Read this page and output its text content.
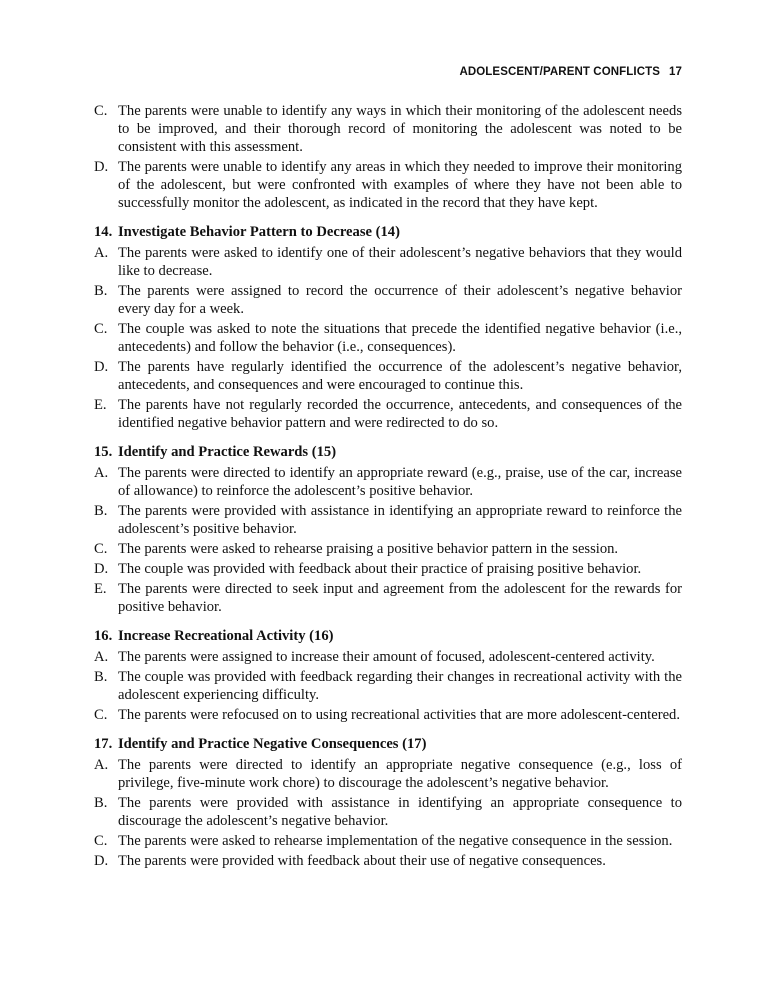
ADOLESCENT/PARENT CONFLICTS 17
C. The parents were unable to identify any ways in which their monitoring of the adolescent needs to be improved, and their thorough record of monitoring the adolescent was noted to be consistent with this assessment.
D. The parents were unable to identify any areas in which they needed to improve their monitoring of the adolescent, but were confronted with examples of where they have not been able to successfully monitor the adolescent, as indicated in the record that they have kept.
14. Investigate Behavior Pattern to Decrease (14)
A. The parents were asked to identify one of their adolescent’s negative behaviors that they would like to decrease.
B. The parents were assigned to record the occurrence of their adolescent’s negative behavior every day for a week.
C. The couple was asked to note the situations that precede the identified negative behavior (i.e., antecedents) and follow the behavior (i.e., consequences).
D. The parents have regularly identified the occurrence of the adolescent’s negative behavior, antecedents, and consequences and were encouraged to continue this.
E. The parents have not regularly recorded the occurrence, antecedents, and consequences of the identified negative behavior pattern and were redirected to do so.
15. Identify and Practice Rewards (15)
A. The parents were directed to identify an appropriate reward (e.g., praise, use of the car, increase of allowance) to reinforce the adolescent’s positive behavior.
B. The parents were provided with assistance in identifying an appropriate reward to reinforce the adolescent’s positive behavior.
C. The parents were asked to rehearse praising a positive behavior pattern in the session.
D. The couple was provided with feedback about their practice of praising positive behavior.
E. The parents were directed to seek input and agreement from the adolescent for the rewards for positive behavior.
16. Increase Recreational Activity (16)
A. The parents were assigned to increase their amount of focused, adolescent-centered activity.
B. The couple was provided with feedback regarding their changes in recreational activity with the adolescent experiencing difficulty.
C. The parents were refocused on to using recreational activities that are more adolescent-centered.
17. Identify and Practice Negative Consequences (17)
A. The parents were directed to identify an appropriate negative consequence (e.g., loss of privilege, five-minute work chore) to discourage the adolescent’s negative behavior.
B. The parents were provided with assistance in identifying an appropriate consequence to discourage the adolescent’s negative behavior.
C. The parents were asked to rehearse implementation of the negative consequence in the session.
D. The parents were provided with feedback about their use of negative consequences.
